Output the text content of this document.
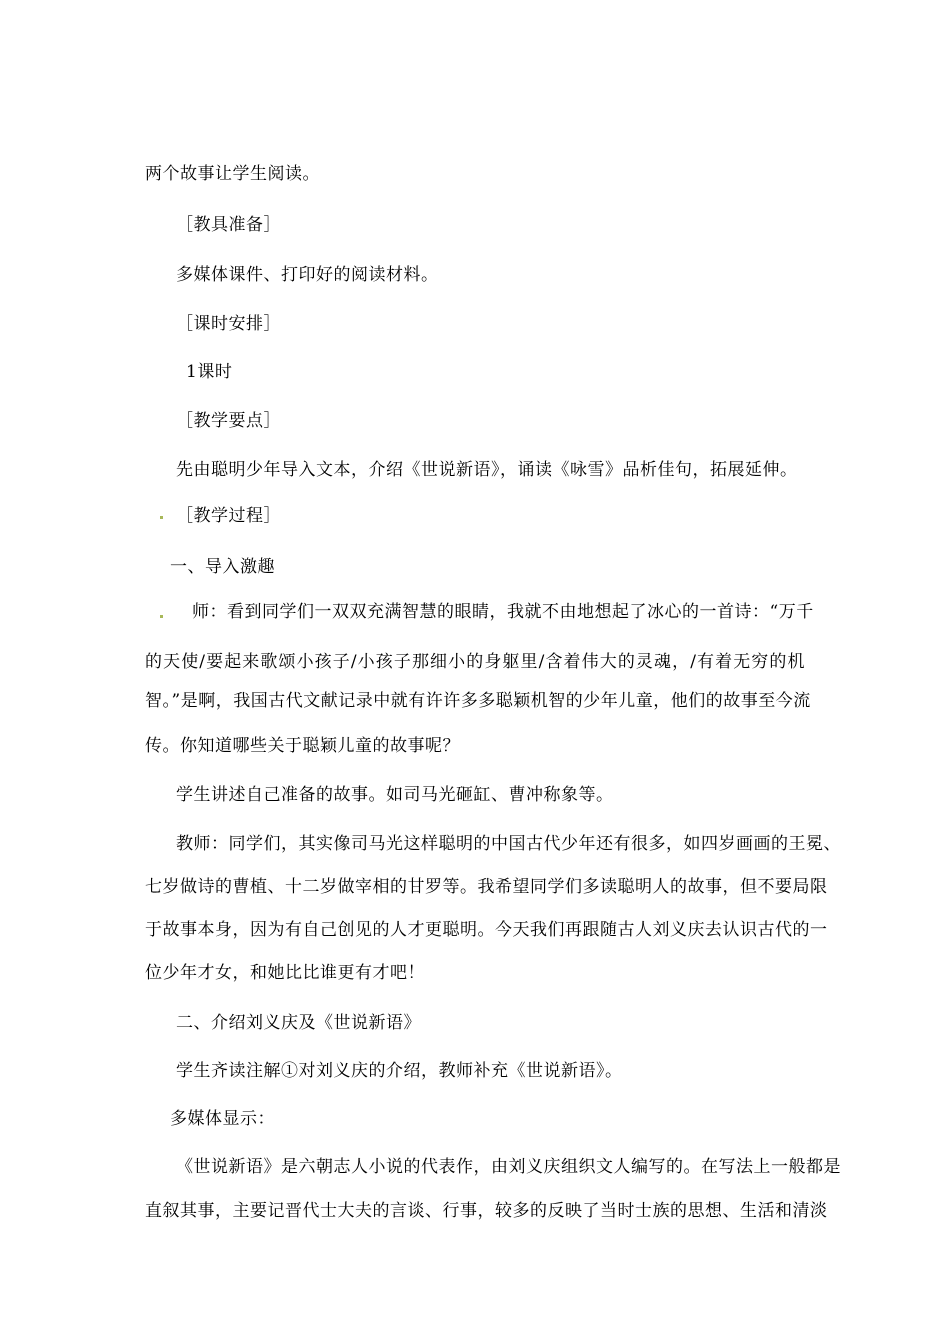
两个故事让学生阅读。
［教具准备］
多媒体课件、打印好的阅读材料。
［课时安排］
1课时
［教学要点］
先由聪明少年导入文本，介绍《世说新语》，诵读《咏雪》品析佳句，拓展延伸。
［教学过程］
一、导入激趣
师：看到同学们一双双充满智慧的眼睛，我就不由地想起了冰心的一首诗：“万千
的天使/要起来歌颂小孩子/小孩子那细小的身躯里/含着伟大的灵魂，/有着无穷的机
智。”是啊，我国古代文献记录中就有许许多多聪颖机智的少年儿童，他们的故事至今流
传。你知道哪些关于聪颖儿童的故事呢？
学生讲述自己准备的故事。如司马光砸缸、曹冲称象等。
教师：同学们，其实像司马光这样聪明的中国古代少年还有很多，如四岁画画的王冕、
七岁做诗的曹植、十二岁做宰相的甘罗等。我希望同学们多读聪明人的故事，但不要局限
于故事本身，因为有自己创见的人才更聪明。今天我们再跟随古人刘义庆去认识古代的一
位少年才女，和她比比谁更有才吧！
二、介绍刘义庆及《世说新语》
学生齐读注解①对刘义庆的介绍，教师补充《世说新语》。
多媒体显示：
《世说新语》是六朝志人小说的代表作，由刘义庆组织文人编写的。在写法上一般都是
直叙其事，主要记晋代士大夫的言谈、行事，较多的反映了当时士族的思想、生活和清淡
